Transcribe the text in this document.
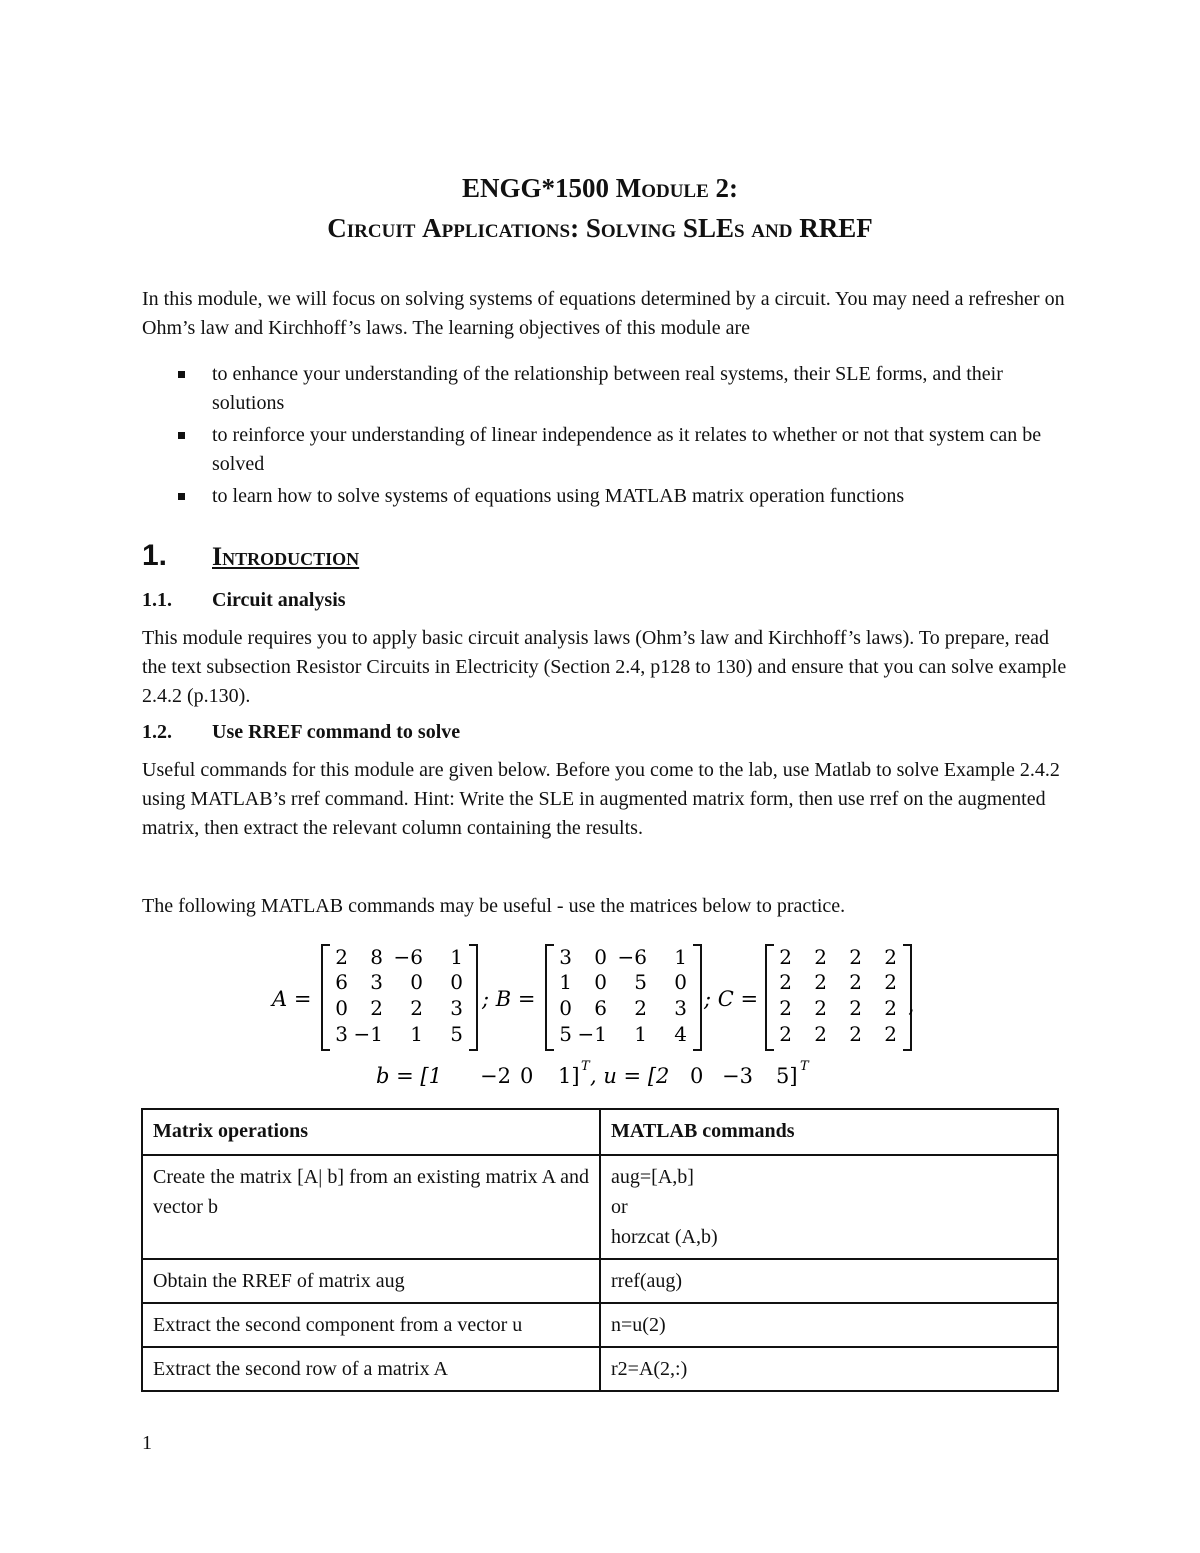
ENGG*1500 Module 2:
Circuit Applications: Solving SLEs and RREF
In this module, we will focus on solving systems of equations determined by a circuit. You may need a refresher on Ohm’s law and Kirchhoff’s laws. The learning objectives of this module are
to enhance your understanding of the relationship between real systems, their SLE forms, and their solutions
to reinforce your understanding of linear independence as it relates to whether or not that system can be solved
to learn how to solve systems of equations using MATLAB matrix operation functions
1. Introduction
1.1. Circuit analysis
This module requires you to apply basic circuit analysis laws (Ohm’s law and Kirchhoff’s laws). To prepare, read the text subsection Resistor Circuits in Electricity (Section 2.4, p128 to 130) and ensure that you can solve example 2.4.2 (p.130).
1.2. Use RREF command to solve
Useful commands for this module are given below. Before you come to the lab, use Matlab to solve Example 2.4.2 using MATLAB’s rref command. Hint: Write the SLE in augmented matrix form, then use rref on the augmented matrix, then extract the relevant column containing the results.
The following MATLAB commands may be useful - use the matrices below to practice.
A =
2 8 −6 1
6 3 0 0
0 2 2 3
3 −1 1 5
; B =
3 0 −6 1
1 0 5 0
0 6 2 3
5 −1 1 4
; C =
2 2 2 2
2 2 2 2
2 2 2 2
2 2 2 2
,
b = [1 −2 0 1] T , u = [2 0 −3 5] T
Matrix operations	MATLAB commands
Create the matrix [A| b] from an existing matrix A and vector b	aug=[A,b]
or
horzcat (A,b)

Obtain the RREF of matrix aug	rref(aug)

Extract the second component from a vector u	n=u(2)

Extract the second row of a matrix A	r2=A(2,:)
1
